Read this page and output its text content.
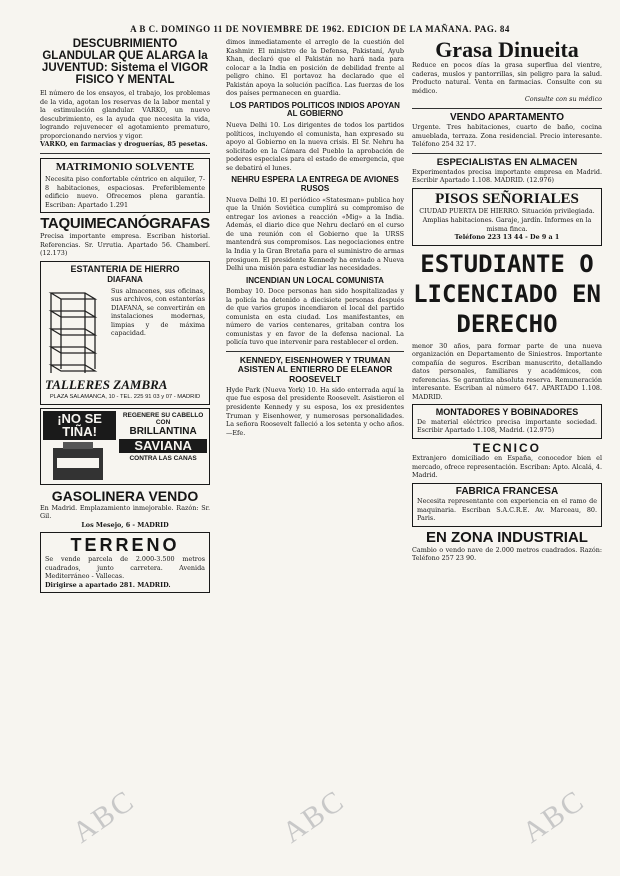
A B C. DOMINGO 11 DE NOVIEMBRE DE 1962. EDICION DE LA MAÑANA. PAG. 84
DESCUBRIMIENTO GLANDULAR QUE ALARGA la JUVENTUD: Sistema el VIGOR FISICO Y MENTAL

El número de los ensayos, el trabajo, los problemas de la vida, agotan los reservas de la labor mental y la estimulación glandular. VARKO, un nuevo descubrimiento, es la ayuda que necesita la vida, logrando rejuvenecer el agotamiento prematuro, proporcionando nervios y vigor.

VARKO, en farmacias y droguerías, 85 pesetas.

MATRIMONIO SOLVENTE

Necesita piso confortable céntrico en alquiler, 7-8 habitaciones, espaciosas. Preferiblemente edificio nuevo. Ofrecemos plena garantía. Escriban: Apartado 1.291

TAQUIMECANÓGRAFAS

Precisa importante empresa. Escriban historial. Referencias. Sr. Urrutia. Apartado 56. Chamberí. (12.173)

ESTANTERIA DE HIERRO
DIAFANA

Sus almacenes, sus oficinas, sus archivos, con estanterías DIAFANA, se convertirán en instalaciones modernas, limpias y de máxima capacidad.

TALLERES ZAMBRA
PLAZA SALAMANCA, 10 - TEL. 225 91 03 y 07 - MADRID
¡NO SE TIÑA!
REGENERE SU CABELLO CON
BRILLANTINA
SAVIANA
CONTRA LAS CANAS
GASOLINERA VENDO

En Madrid. Emplazamiento inmejorable. Razón: Sr. Gil.

Los Mesejo, 6 - MADRID

TERRENO

Se vende parcela de 2.000-3.500 metros cuadrados, junto carretera. Avenida Mediterráneo - Vallecas.

Dirigirse a apartado 281. MADRID.

dimos inmediatamente el arreglo de la cuestión del Kashmir. El ministro de la Defensa, Pakistaní, Ayub Khan, declaró que el Pakistán no hará nada para colocar a la India en posición de debilidad frente al peligro chino. El portavoz ha declarado que el Pakistán apoya la solución pacífica. Las fuerzas de los dos países permanecen en guardia.

LOS PARTIDOS POLITICOS INDIOS APOYAN AL GOBIERNO

Nueva Delhi 10. Los dirigentes de todos los partidos políticos, incluyendo el comunista, han expresado su apoyo al Gobierno en la nueva crisis. El Sr. Nehru ha solicitado en la Cámara del Pueblo la aprobación de poderes especiales para el estado de emergencia, que se debatirá el lunes.

NEHRU ESPERA LA ENTREGA DE AVIONES RUSOS

Nueva Delhi 10. El periódico «Statesman» publica hoy que la Unión Soviética cumplirá su compromiso de entregar los aviones a reacción «Mig» a la India. Además, el diario dice que Nehru declaró en el curso de una reunión con el Gobierno que la URSS mantendrá sus compromisos. Las negociaciones entre la India y la Gran Bretaña para el suministro de armas prosiguen. El presidente Kennedy ha enviado a Nueva Delhi una misión para estudiar las necesidades.

INCENDIAN UN LOCAL COMUNISTA

Bombay 10. Doce personas han sido hospitalizadas y la policía ha detenido a diecisiete personas después de que varios grupos incendiaron el local del partido comunista en esta ciudad. Los manifestantes, en número de varios centenares, gritaban contra los comunistas y en favor de la defensa nacional. La policía tuvo que intervenir para restablecer el orden.

KENNEDY, EISENHOWER Y TRUMAN ASISTEN AL ENTIERRO DE ELEANOR ROOSEVELT

Hyde Park (Nueva York) 10. Ha sido enterrada aquí la que fue esposa del presidente Roosevelt. Asistieron el presidente Kennedy y su esposa, los ex presidentes Truman y Eisenhower, y numerosas personalidades. La señora Roosevelt falleció a los setenta y ocho años.—Efe.

Grasa Dinueita

Reduce en pocos días la grasa superflua del vientre, caderas, muslos y pantorrillas, sin peligro para la salud. Producto natural. Venta en farmacias. Consulte con su médico.

Consulte con su médico

VENDO APARTAMENTO

Urgente. Tres habitaciones, cuarto de baño, cocina amueblada, terraza. Zona residencial. Precio interesante. Teléfono 254 32 17.

ESPECIALISTAS EN ALMACEN

Experimentados precisa importante empresa en Madrid. Escribir Apartado 1.108. MADRID. (12.976)

PISOS SEÑORIALES

CIUDAD PUERTA DE HIERRO. Situación privilegiada. Amplias habitaciones. Garaje, jardín. Informes en la misma finca.

Teléfono 223 13 44 - De 9 a 1

ESTUDIANTE O LICENCIADO EN DERECHO

menor 30 años, para formar parte de una nueva organización en Departamento de Siniestros. Importante compañía de seguros. Escriban manuscrito, detallando datos personales, familiares y académicos, con referencias. Se garantiza absoluta reserva. Remuneración interesante. Escriban al número 647. APARTADO 1.108. MADRID.

MONTADORES Y BOBINADORES

De material eléctrico precisa importante sociedad. Escribir Apartado 1.108, Madrid. (12.975)

TECNICO

Extranjero domiciliado en España, conocedor bien el mercado, ofrece representación. Escriban: Apto. Alcalá, 4. Madrid.

FABRICA FRANCESA

Necesita representante con experiencia en el ramo de maquinaria. Escriban S.A.C.R.E. Av. Marceau, 80. Paris.

EN ZONA INDUSTRIAL

Cambio o vendo nave de 2.000 metros cuadrados. Razón: Teléfono 257 23 90.

ABC	ABC	ABC
